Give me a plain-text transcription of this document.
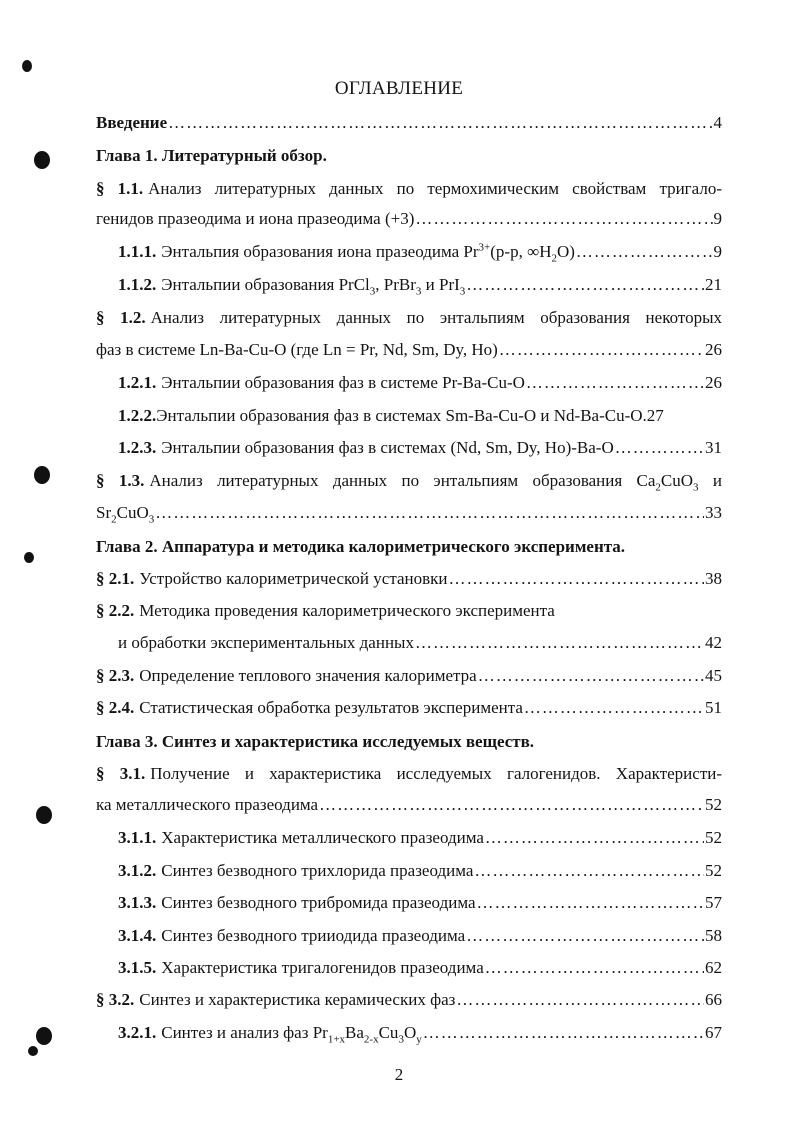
ОГЛАВЛЕНИЕ
Введение ………………………………………………………………………………………………………………………………………………………………………	4
Глава 1. Литературный обзор.
§ 1.1. Анализ литературных данных по термохимическим свойствам тригало-
генидов празеодима и иона празеодима (+3) ………………………………………………………………………………………………………………………………………………………………………	9
1.1.1. Энтальпия образования иона празеодима $Pr^{3+}(р-р$, $\infty H_2O$) ………………………………………………………………………………………………………………………………………………………………………	9
1.1.2. Энтальпии образования PrCl$_3$, PrBr$_3$ и PrI$_3$ ………………………………………………………………………………………………………………………………………………………………………	21
§ 1.2. Анализ литературных данных по энтальпиям образования некоторых
фаз в системе Ln-Ba-Cu-O (где Ln = Pr, Nd, Sm, Dy, Ho) ………………………………………………………………………………………………………………………………………………………………………	26
1.2.1. Энтальпии образования фаз в системе Pr-Ba-Cu-O ………………………………………………………………………………………………………………………………………………………………………	26
1.2.2. Энтальпии образования фаз в системах Sm-Ba-Cu-O и Nd-Ba-Cu-O. 27
1.2.3. Энтальпии образования фаз в системах (Nd, Sm, Dy, Ho)-Ba-O ………………………………………………………………………………………………………………………………………………………………………	31
§ 1.3. Анализ литературных данных по энтальпиям образования $Ca_2CuO_3$ и
$Sr_2CuO_3$ ………………………………………………………………………………………………………………………………………………………………………	33
Глава 2. Аппаратура и методика калориметрического эксперимента.
§ 2.1. Устройство калориметрической установки ………………………………………………………………………………………………………………………………………………………………………	38
§ 2.2. Методика проведения калориметрического эксперимента
и обработки экспериментальных данных ………………………………………………………………………………………………………………………………………………………………………	42
§ 2.3. Определение теплового значения калориметра ………………………………………………………………………………………………………………………………………………………………………	45
§ 2.4. Статистическая обработка результатов эксперимента ………………………………………………………………………………………………………………………………………………………………………	51
Глава 3. Синтез и характеристика исследуемых веществ.
§ 3.1. Получение и характеристика исследуемых галогенидов. Характеристи-
ка металлического празеодима ………………………………………………………………………………………………………………………………………………………………………	52
3.1.1. Характеристика металлического празеодима ………………………………………………………………………………………………………………………………………………………………………	52
3.1.2. Синтез безводного трихлорида празеодима ………………………………………………………………………………………………………………………………………………………………………	52
3.1.3. Синтез безводного трибромида празеодима ………………………………………………………………………………………………………………………………………………………………………	57
3.1.4. Синтез безводного трииодида празеодима ………………………………………………………………………………………………………………………………………………………………………	58
3.1.5. Характеристика тригалогенидов празеодима ………………………………………………………………………………………………………………………………………………………………………	62
§ 3.2. Синтез и характеристика керамических фаз ………………………………………………………………………………………………………………………………………………………………………	66
3.2.1. Синтез и анализ фаз $Pr_{1+x}Ba_{2-x}Cu_3O_y$ ………………………………………………………………………………………………………………………………………………………………………	67
2
